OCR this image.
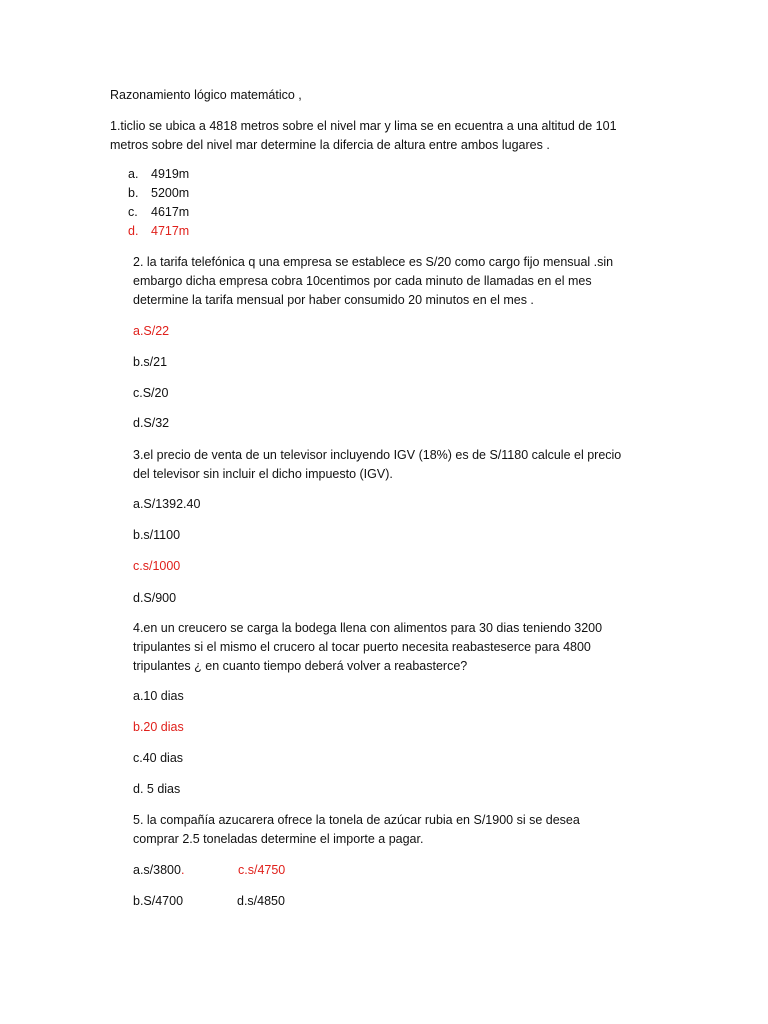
Razonamiento lógico matemático ,
1.ticlio se ubica a 4818 metros sobre el nivel mar y lima se en ecuentra a una altitud de 101
metros sobre del nivel mar determine la difercia de altura entre ambos lugares .
a. 4919m
b. 5200m
c. 4617m
d. 4717m
2. la tarifa telefónica q una empresa se establece es S/20 como cargo fijo mensual .sin
embargo dicha empresa cobra 10centimos por cada minuto de llamadas en el mes
determine la tarifa mensual por haber consumido 20 minutos en el mes .
a.S/22
b.s/21
c.S/20
d.S/32
3.el precio de venta de un televisor incluyendo IGV (18%) es de S/1180 calcule el precio
del televisor sin incluir el dicho impuesto (IGV).
a.S/1392.40
b.s/1100
c.s/1000
d.S/900
4.en un creucero se carga la bodega llena con alimentos para 30 dias teniendo 3200
tripulantes si el mismo el crucero al tocar puerto necesita reabasteserce para 4800
tripulantes ¿ en cuanto tiempo deberá volver a reabasterce?
a.10 dias
b.20 dias
c.40 dias
d. 5 dias
5. la compañía azucarera ofrece la tonela de azúcar rubia en S/1900 si se desea
comprar 2.5 toneladas determine el importe a pagar.
a.s/3800.	c.s/4750
b.S/4700	d.s/4850
